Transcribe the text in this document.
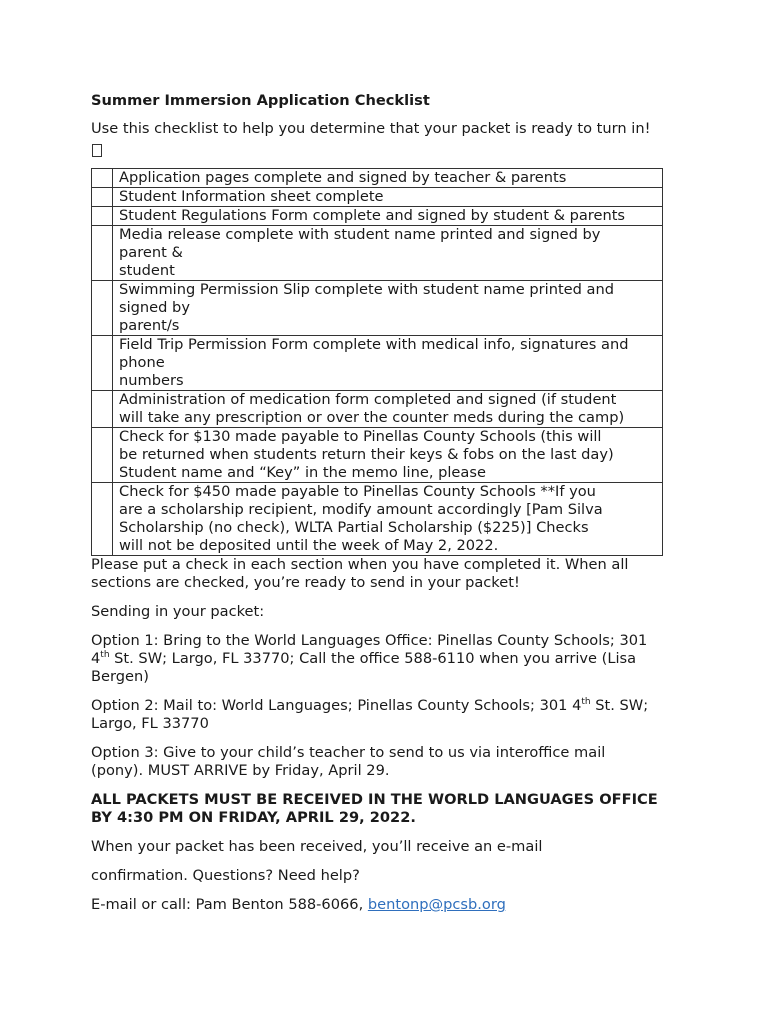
Summer Immersion Application Checklist

Use this checklist to help you determine that your packet is ready to turn in!

	Application pages complete and signed by teacher & parents

	Student Information sheet complete

	Student Regulations Form complete and signed by student & parents

	Media release complete with student name printed and signed by
parent &
student

	Swimming Permission Slip complete with student name printed and
signed by
parent/s

	Field Trip Permission Form complete with medical info, signatures and
phone
numbers

	Administration of medication form completed and signed (if student
will take any prescription or over the counter meds during the camp)

	Check for $130 made payable to Pinellas County Schools (this will
be returned when students return their keys & fobs on the last day)
Student name and “Key” in the memo line, please

	Check for $450 made payable to Pinellas County Schools **If you
are a scholarship recipient, modify amount accordingly [Pam Silva
Scholarship (no check), WLTA Partial Scholarship ($225)] Checks
will not be deposited until the week of May 2, 2022.

Please put a check in each section when you have completed it. When all

sections are checked, you’re ready to send in your packet!

Sending in your packet:

Option 1: Bring to the World Languages Office: Pinellas County Schools; 301

4th St. SW; Largo, FL 33770; Call the office 588-6110 when you arrive (Lisa

Bergen)

Option 2: Mail to: World Languages; Pinellas County Schools; 301 4th St. SW;

Largo, FL 33770

Option 3: Give to your child’s teacher to send to us via interoffice mail

(pony). MUST ARRIVE by Friday, April 29.

ALL PACKETS MUST BE RECEIVED IN THE WORLD LANGUAGES OFFICE

BY 4:30 PM ON FRIDAY, APRIL 29, 2022.

When your packet has been received, you’ll receive an e-mail

confirmation. Questions? Need help?

E-mail or call: Pam Benton 588-6066, bentonp@pcsb.org
